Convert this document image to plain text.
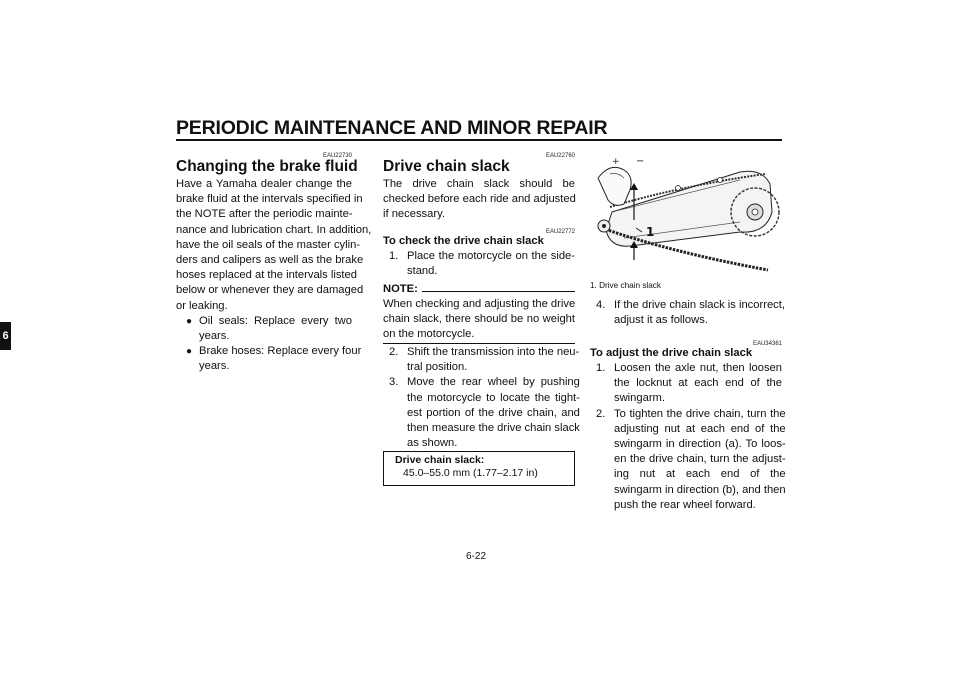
PERIODIC MAINTENANCE AND MINOR REPAIR
6
EAU22730
Changing the brake fluid
Have a Yamaha dealer change the
brake fluid at the intervals specified in
the NOTE after the periodic mainte-
nance and lubrication chart. In addition,
have the oil seals of the master cylin-
ders and calipers as well as the brake
hoses replaced at the intervals listed
below or whenever they are damaged
or leaking.
● Oil seals: Replace every two
years.
● Brake hoses: Replace every four
years.
EAU22760
Drive chain slack
The drive chain slack should be
checked before each ride and adjusted
if necessary.
EAU22772
To check the drive chain slack
1. Place the motorcycle on the side-
stand.
NOTE:
When checking and adjusting the drive
chain slack, there should be no weight
on the motorcycle.
2. Shift the transmission into the neu-
tral position.
3. Move the rear wheel by pushing
the motorcycle to locate the tight-
est portion of the drive chain, and
then measure the drive chain slack
as shown.
Drive chain slack:
45.0–55.0 mm (1.77–2.17 in)
+ −
1
1. Drive chain slack
4. If the drive chain slack is incorrect,
adjust it as follows.
EAU34361
To adjust the drive chain slack
1. Loosen the axle nut, then loosen
the locknut at each end of the
swingarm.
2. To tighten the drive chain, turn the
adjusting nut at each end of the
swingarm in direction (a). To loos-
en the drive chain, turn the adjust-
ing nut at each end of the
swingarm in direction (b), and then
push the rear wheel forward.
6-22
